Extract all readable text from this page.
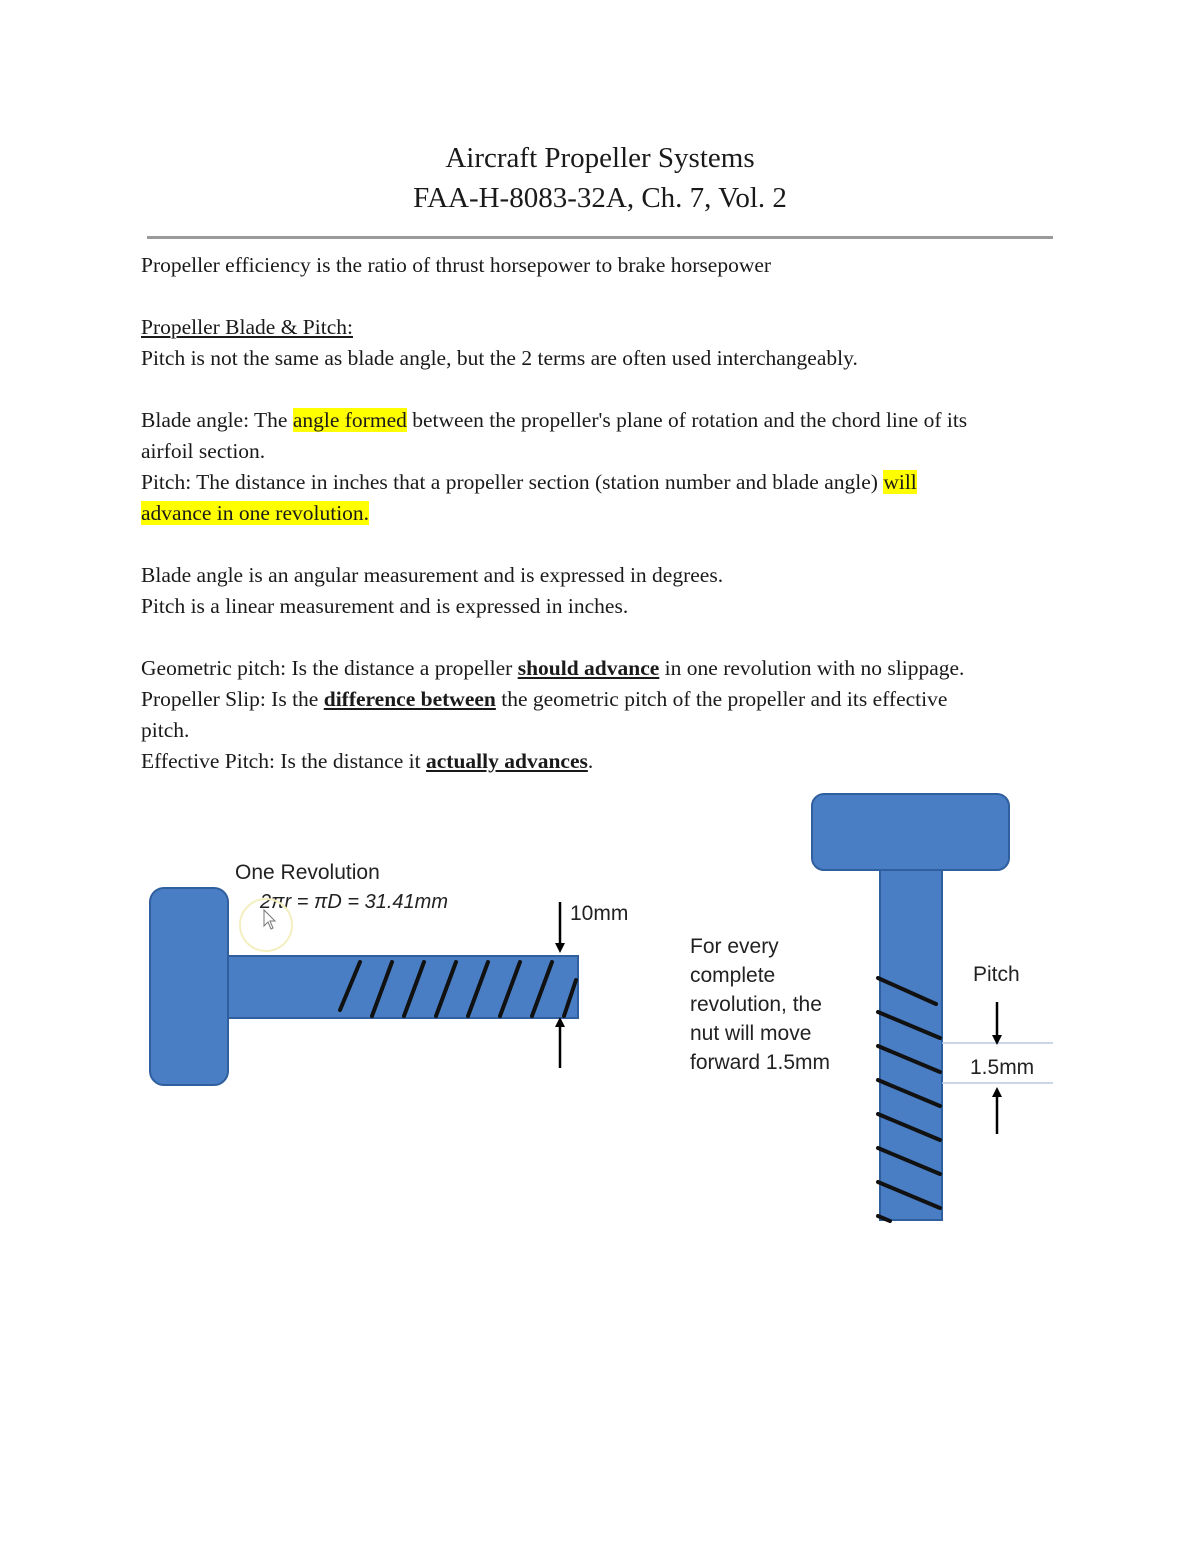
Aircraft Propeller Systems
FAA-H-8083-32A, Ch. 7, Vol. 2
Propeller efficiency is the ratio of thrust horsepower to brake horsepower
Propeller Blade & Pitch:
Pitch is not the same as blade angle, but the 2 terms are often used interchangeably.
Blade angle: The angle formed between the propeller's plane of rotation and the chord line of its
airfoil section.
Pitch: The distance in inches that a propeller section (station number and blade angle) will
advance in one revolution.
Blade angle is an angular measurement and is expressed in degrees.
Pitch is a linear measurement and is expressed in inches.
Geometric pitch: Is the distance a propeller should advance in one revolution with no slippage.
Propeller Slip: Is the difference between the geometric pitch of the propeller and its effective
pitch.
Effective Pitch: Is the distance it actually advances.
One Revolution
2πr = πD = 31.41mm	10mm
Pitch
1.5mm
For every
complete
revolution, the
nut will move
forward 1.5mm
